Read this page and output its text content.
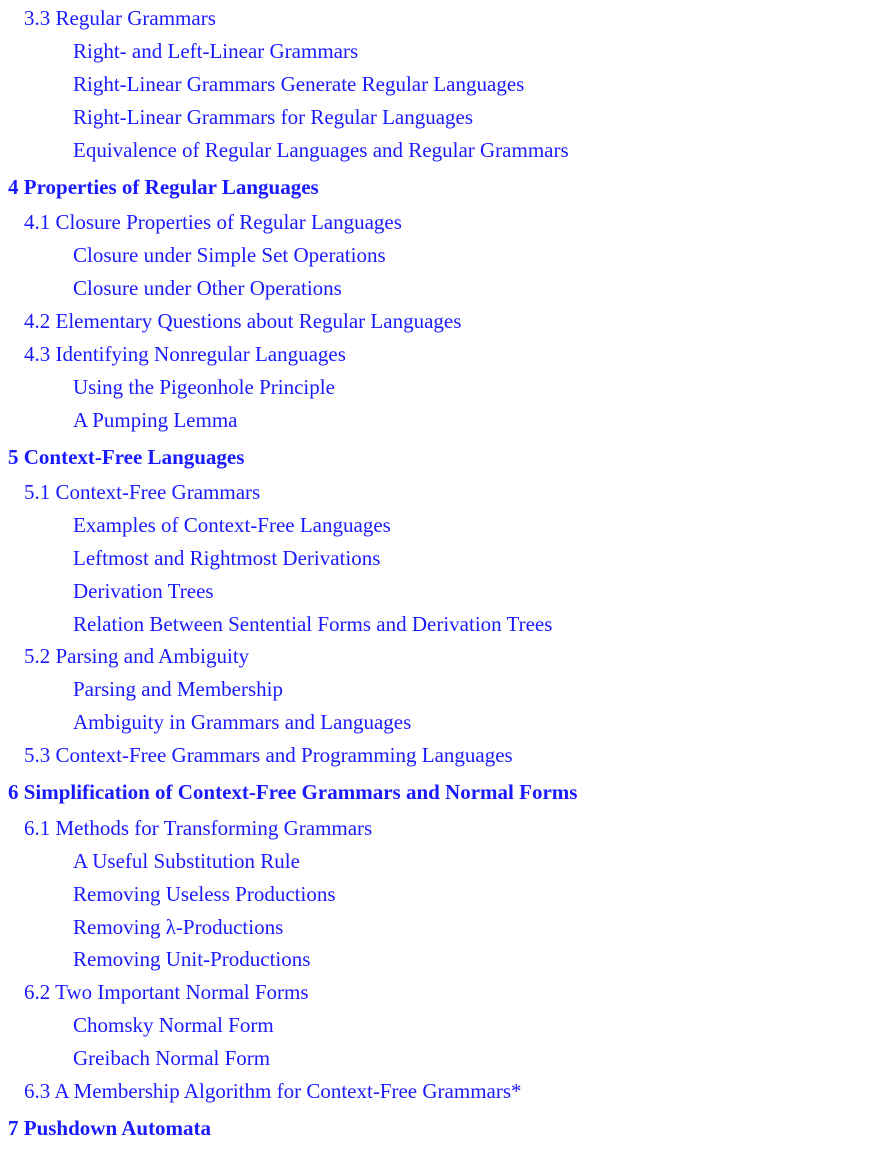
3.3 Regular Grammars
Right- and Left-Linear Grammars
Right-Linear Grammars Generate Regular Languages
Right-Linear Grammars for Regular Languages
Equivalence of Regular Languages and Regular Grammars
4 Properties of Regular Languages
4.1 Closure Properties of Regular Languages
Closure under Simple Set Operations
Closure under Other Operations
4.2 Elementary Questions about Regular Languages
4.3 Identifying Nonregular Languages
Using the Pigeonhole Principle
A Pumping Lemma
5 Context-Free Languages
5.1 Context-Free Grammars
Examples of Context-Free Languages
Leftmost and Rightmost Derivations
Derivation Trees
Relation Between Sentential Forms and Derivation Trees
5.2 Parsing and Ambiguity
Parsing and Membership
Ambiguity in Grammars and Languages
5.3 Context-Free Grammars and Programming Languages
6 Simplification of Context-Free Grammars and Normal Forms
6.1 Methods for Transforming Grammars
A Useful Substitution Rule
Removing Useless Productions
Removing λ-Productions
Removing Unit-Productions
6.2 Two Important Normal Forms
Chomsky Normal Form
Greibach Normal Form
6.3 A Membership Algorithm for Context-Free Grammars*
7 Pushdown Automata
